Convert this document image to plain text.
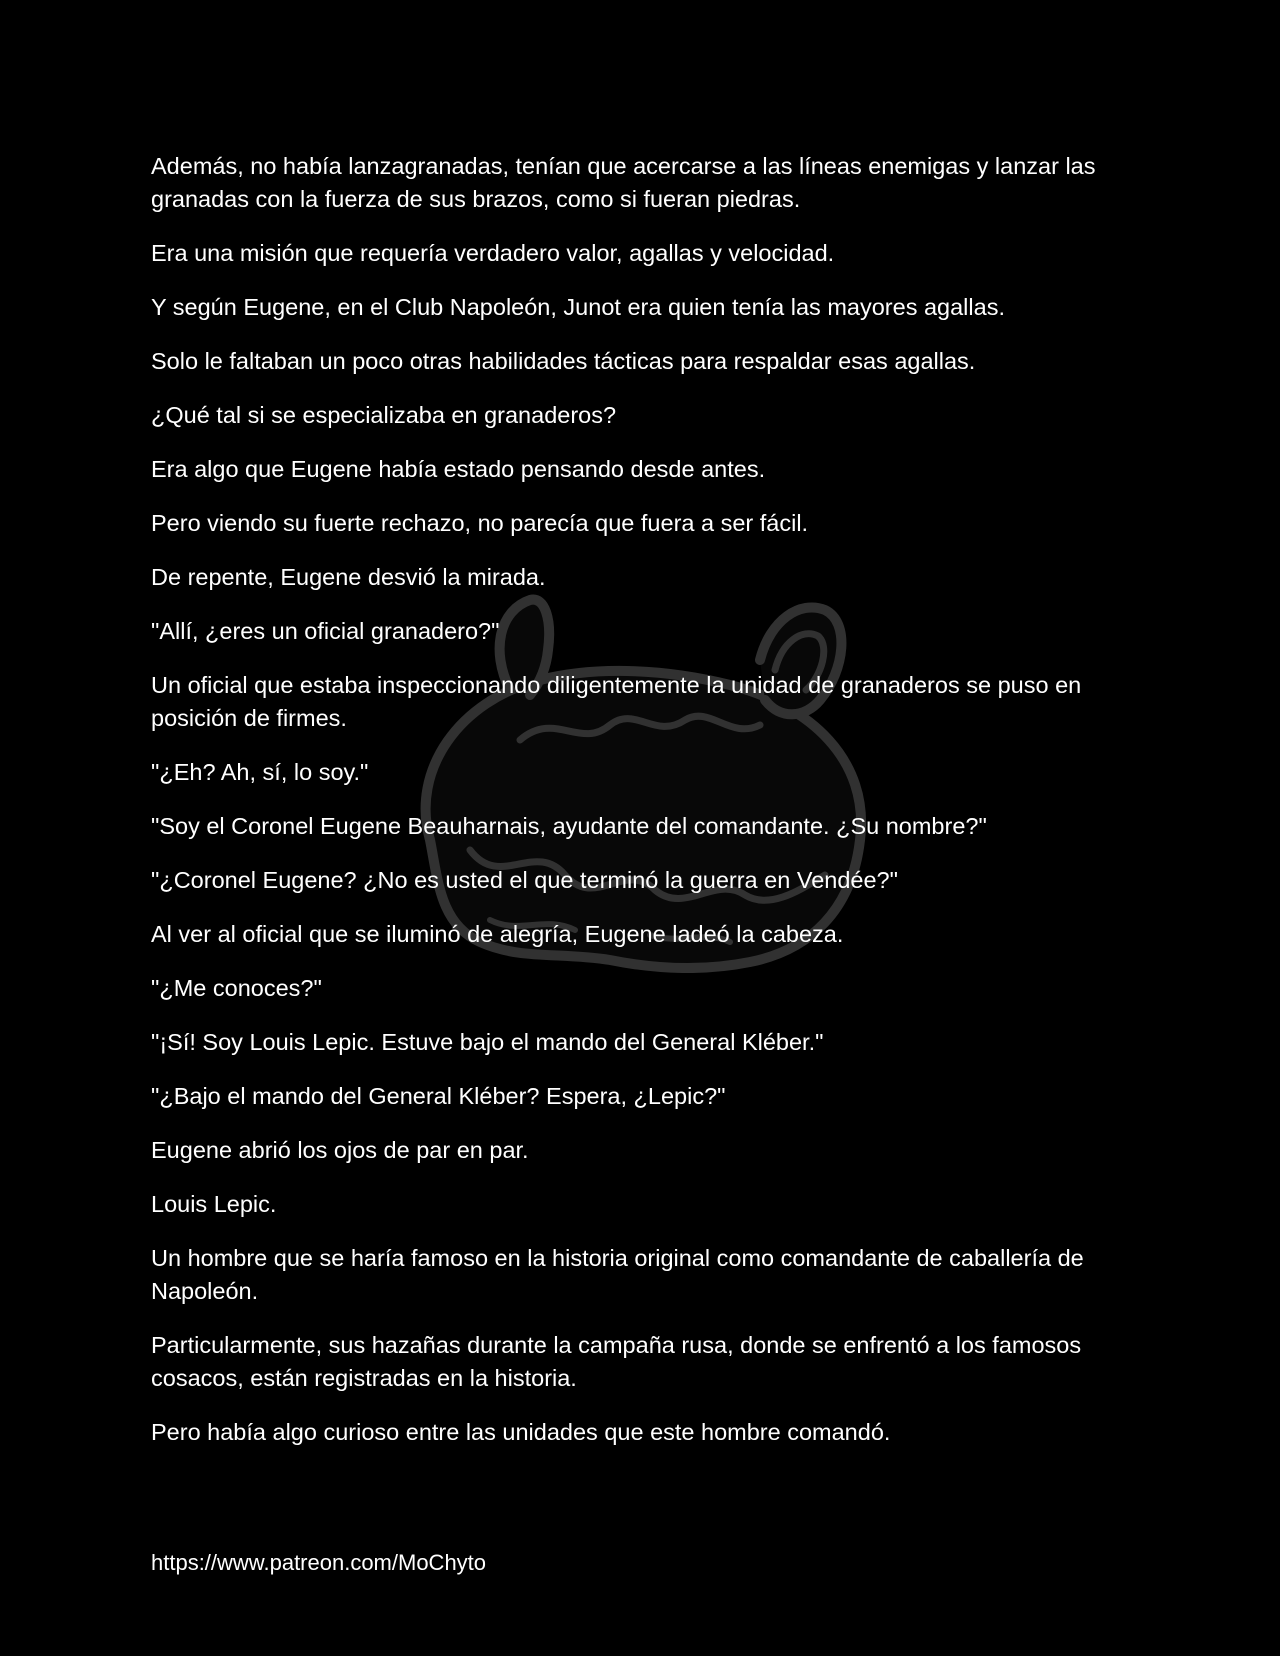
Además, no había lanzagranadas, tenían que acercarse a las líneas enemigas y lanzar las granadas con la fuerza de sus brazos, como si fueran piedras.

Era una misión que requería verdadero valor, agallas y velocidad.

Y según Eugene, en el Club Napoleón, Junot era quien tenía las mayores agallas.

Solo le faltaban un poco otras habilidades tácticas para respaldar esas agallas.

¿Qué tal si se especializaba en granaderos?

Era algo que Eugene había estado pensando desde antes.

Pero viendo su fuerte rechazo, no parecía que fuera a ser fácil.

De repente, Eugene desvió la mirada.

"Allí, ¿eres un oficial granadero?"

Un oficial que estaba inspeccionando diligentemente la unidad de granaderos se puso en posición de firmes.

"¿Eh? Ah, sí, lo soy."

"Soy el Coronel Eugene Beauharnais, ayudante del comandante. ¿Su nombre?"

"¿Coronel Eugene? ¿No es usted el que terminó la guerra en Vendée?"

Al ver al oficial que se iluminó de alegría, Eugene ladeó la cabeza.

"¿Me conoces?"

"¡Sí! Soy Louis Lepic. Estuve bajo el mando del General Kléber."

"¿Bajo el mando del General Kléber? Espera, ¿Lepic?"

Eugene abrió los ojos de par en par.

Louis Lepic.

Un hombre que se haría famoso en la historia original como comandante de caballería de Napoleón.

Particularmente, sus hazañas durante la campaña rusa, donde se enfrentó a los famosos cosacos, están registradas en la historia.

Pero había algo curioso entre las unidades que este hombre comandó.

https://www.patreon.com/MoChyto
